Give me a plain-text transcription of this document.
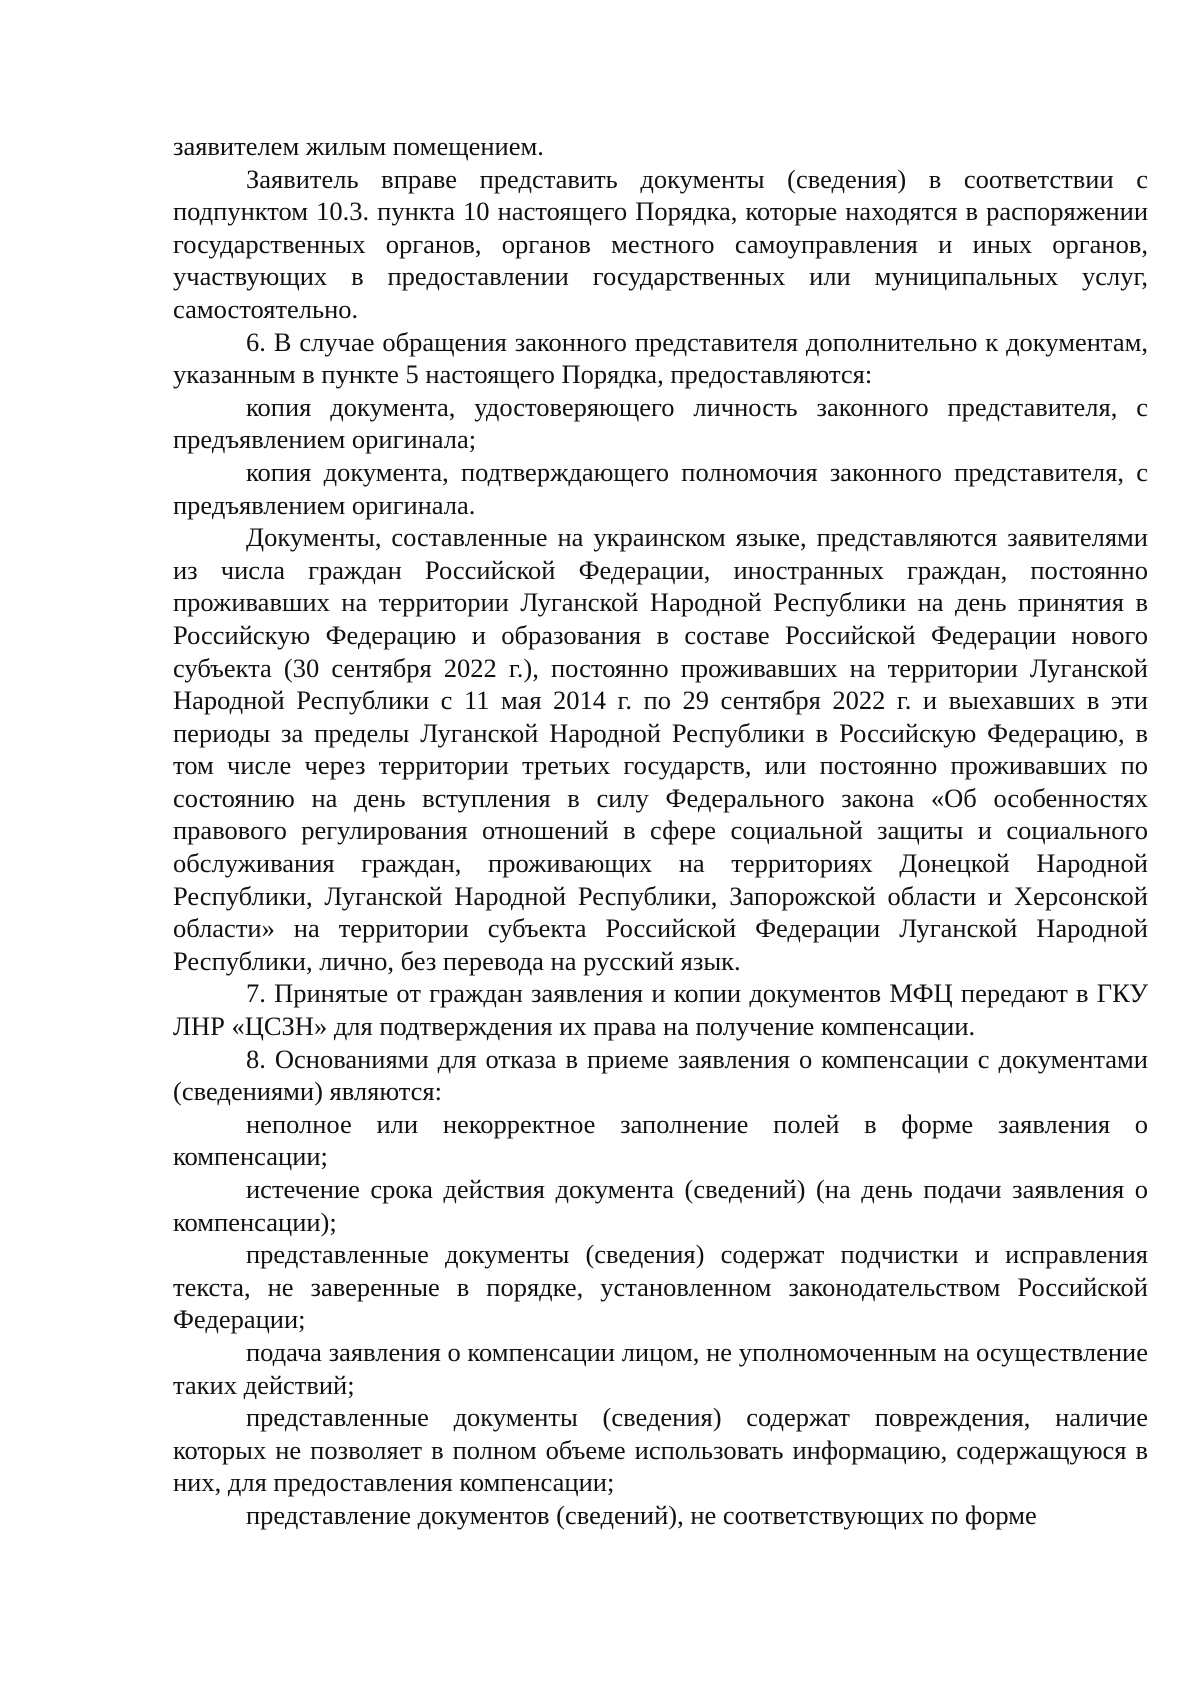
заявителем жилым помещением.

Заявитель вправе представить документы (сведения) в соответствии с подпунктом 10.3. пункта 10 настоящего Порядка, которые находятся в распоряжении государственных органов, органов местного самоуправления и иных органов, участвующих в предоставлении государственных или муниципальных услуг, самостоятельно.

6. В случае обращения законного представителя дополнительно к документам, указанным в пункте 5 настоящего Порядка, предоставляются:

копия документа, удостоверяющего личность законного представителя, с предъявлением оригинала;

копия документа, подтверждающего полномочия законного представителя, с предъявлением оригинала.

Документы, составленные на украинском языке, представляются заявителями из числа граждан Российской Федерации, иностранных граждан, постоянно проживавших на территории Луганской Народной Республики на день принятия в Российскую Федерацию и образования в составе Российской Федерации нового субъекта (30 сентября 2022 г.), постоянно проживавших на территории Луганской Народной Республики с 11 мая 2014 г. по 29 сентября 2022 г. и выехавших в эти периоды за пределы Луганской Народной Республики в Российскую Федерацию, в том числе через территории третьих государств, или постоянно проживавших по состоянию на день вступления в силу Федерального закона «Об особенностях правового регулирования отношений в сфере социальной защиты и социального обслуживания граждан, проживающих на территориях Донецкой Народной Республики, Луганской Народной Республики, Запорожской области и Херсонской области» на территории субъекта Российской Федерации Луганской Народной Республики, лично, без перевода на русский язык.

7. Принятые от граждан заявления и копии документов МФЦ передают в ГКУ ЛНР «ЦСЗН» для подтверждения их права на получение компенсации.

8. Основаниями для отказа в приеме заявления о компенсации с документами (сведениями) являются:

неполное или некорректное заполнение полей в форме заявления о компенсации;

истечение срока действия документа (сведений) (на день подачи заявления о компенсации);

представленные документы (сведения) содержат подчистки и исправления текста, не заверенные в порядке, установленном законодательством Российской Федерации;

подача заявления о компенсации лицом, не уполномоченным на осуществление таких действий;

представленные документы (сведения) содержат повреждения, наличие которых не позволяет в полном объеме использовать информацию, содержащуюся в них, для предоставления компенсации;

представление документов (сведений), не соответствующих по форме
